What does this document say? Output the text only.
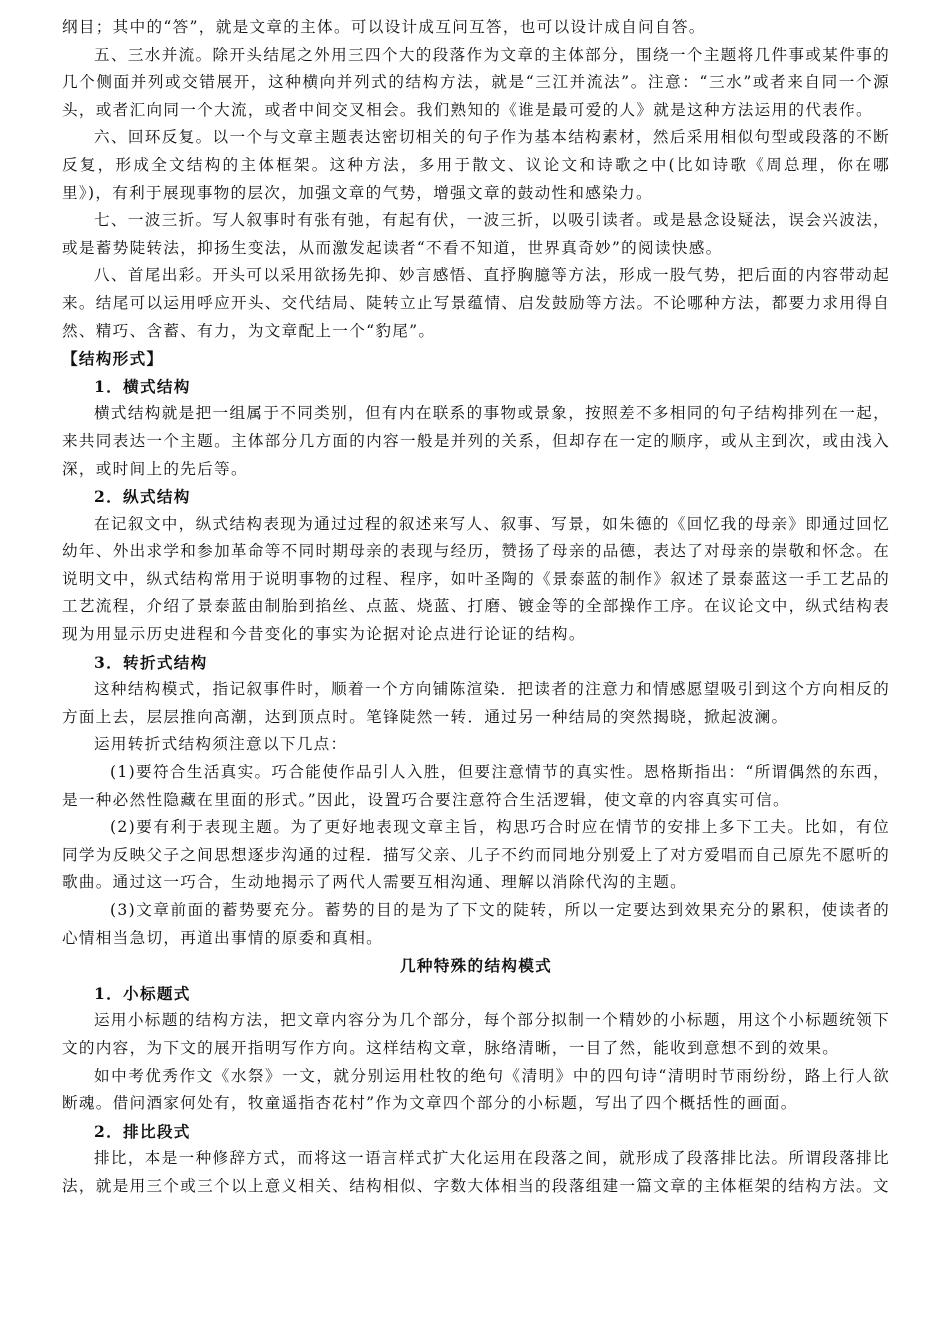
纲目；其中的“答”，就是文章的主体。可以设计成互问互答，也可以设计成自问自答。

五、三水并流。除开头结尾之外用三四个大的段落作为文章的主体部分，围绕一个主题将几件事或某件事的几个侧面并列或交错展开，这种横向并列式的结构方法，就是“三江并流法”。注意：“三水”或者来自同一个源头，或者汇向同一个大流，或者中间交叉相会。我们熟知的《谁是最可爱的人》就是这种方法运用的代表作。

六、回环反复。以一个与文章主题表达密切相关的句子作为基本结构素材，然后采用相似句型或段落的不断反复，形成全文结构的主体框架。这种方法，多用于散文、议论文和诗歌之中(比如诗歌《周总理，你在哪里》)，有利于展现事物的层次，加强文章的气势，增强文章的鼓动性和感染力。

七、一波三折。写人叙事时有张有弛，有起有伏，一波三折，以吸引读者。或是悬念设疑法，误会兴波法，或是蓄势陡转法，抑扬生变法，从而激发起读者“不看不知道，世界真奇妙”的阅读快感。

八、首尾出彩。开头可以采用欲扬先抑、妙言感悟、直抒胸臆等方法，形成一股气势，把后面的内容带动起来。结尾可以运用呼应开头、交代结局、陡转立止写景蕴情、启发鼓励等方法。不论哪种方法，都要力求用得自然、精巧、含蓄、有力，为文章配上一个“豹尾”。

【结构形式】

1．横式结构

横式结构就是把一组属于不同类别，但有内在联系的事物或景象，按照差不多相同的句子结构排列在一起，来共同表达一个主题。主体部分几方面的内容一般是并列的关系，但却存在一定的顺序，或从主到次，或由浅入深，或时间上的先后等。

2．纵式结构

在记叙文中，纵式结构表现为通过过程的叙述来写人、叙事、写景，如朱德的《回忆我的母亲》即通过回忆幼年、外出求学和参加革命等不同时期母亲的表现与经历，赞扬了母亲的品德，表达了对母亲的崇敬和怀念。在说明文中，纵式结构常用于说明事物的过程、程序，如叶圣陶的《景泰蓝的制作》叙述了景泰蓝这一手工艺品的工艺流程，介绍了景泰蓝由制胎到掐丝、点蓝、烧蓝、打磨、镀金等的全部操作工序。在议论文中，纵式结构表现为用显示历史进程和今昔变化的事实为论据对论点进行论证的结构。

3．转折式结构

这种结构模式，指记叙事件时，顺着一个方向铺陈渲染．把读者的注意力和情感愿望吸引到这个方向相反的方面上去，层层推向高潮，达到顶点时。笔锋陡然一转．通过另一种结局的突然揭晓，掀起波澜。

运用转折式结构须注意以下几点：

(1)要符合生活真实。巧合能使作品引人入胜，但要注意情节的真实性。恩格斯指出：“所谓偶然的东西，是一种必然性隐藏在里面的形式。”因此，设置巧合要注意符合生活逻辑，使文章的内容真实可信。

(2)要有利于表现主题。为了更好地表现文章主旨，构思巧合时应在情节的安排上多下工夫。比如，有位同学为反映父子之间思想逐步沟通的过程．描写父亲、儿子不约而同地分别爱上了对方爱唱而自己原先不愿听的歌曲。通过这一巧合，生动地揭示了两代人需要互相沟通、理解以消除代沟的主题。

(3)文章前面的蓄势要充分。蓄势的目的是为了下文的陡转，所以一定要达到效果充分的累积，使读者的心情相当急切，再道出事情的原委和真相。

几种特殊的结构模式

1．小标题式

运用小标题的结构方法，把文章内容分为几个部分，每个部分拟制一个精妙的小标题，用这个小标题统领下文的内容，为下文的展开指明写作方向。这样结构文章，脉络清晰，一目了然，能收到意想不到的效果。

如中考优秀作文《水祭》一文，就分别运用杜牧的绝句《清明》中的四句诗“清明时节雨纷纷，路上行人欲断魂。借问酒家何处有，牧童遥指杏花村”作为文章四个部分的小标题，写出了四个概括性的画面。

2．排比段式

排比，本是一种修辞方式，而将这一语言样式扩大化运用在段落之间，就形成了段落排比法。所谓段落排比法，就是用三个或三个以上意义相关、结构相似、字数大体相当的段落组建一篇文章的主体框架的结构方法。文
